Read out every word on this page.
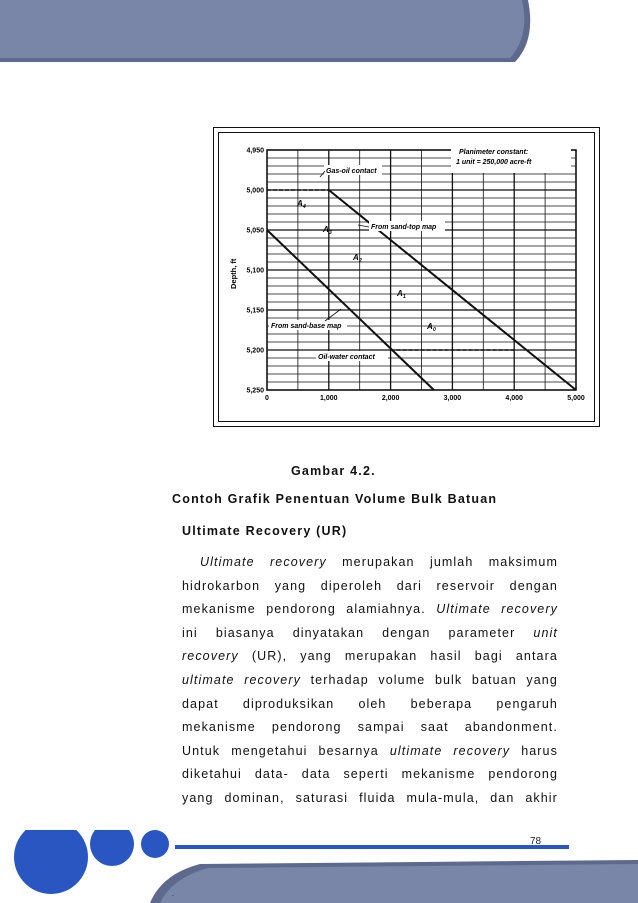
4,950
5,000
5,050
5,100
5,150
5,200
5,250
0	1,000	2,000	3,000	4,000	5,000
Planimeter constant:
1 unit = 250,000 acre-ft
Gas-oil contact
From sand-top map
From sand-base map
Oil-water contact
A 4
A 3
A 2
A 1
A 0
Depth, ft
Gambar 4.2.
Contoh Grafik Penentuan Volume Bulk Batuan
Ultimate Recovery (UR)
Ultimate recovery merupakan jumlah maksimum
hidrokarbon yang diperoleh dari reservoir dengan
mekanisme pendorong alamiahnya. Ultimate recovery
ini biasanya dinyatakan dengan parameter unit
recovery (UR), yang merupakan hasil bagi antara
ultimate recovery terhadap volume bulk batuan yang
dapat diproduksikan oleh beberapa pengaruh
mekanisme pendorong sampai saat abandonment.
Untuk mengetahui besarnya ultimate recovery harus
diketahui data- data seperti mekanisme pendorong
yang dominan, saturasi fluida mula-mula, dan akhir
78
-
